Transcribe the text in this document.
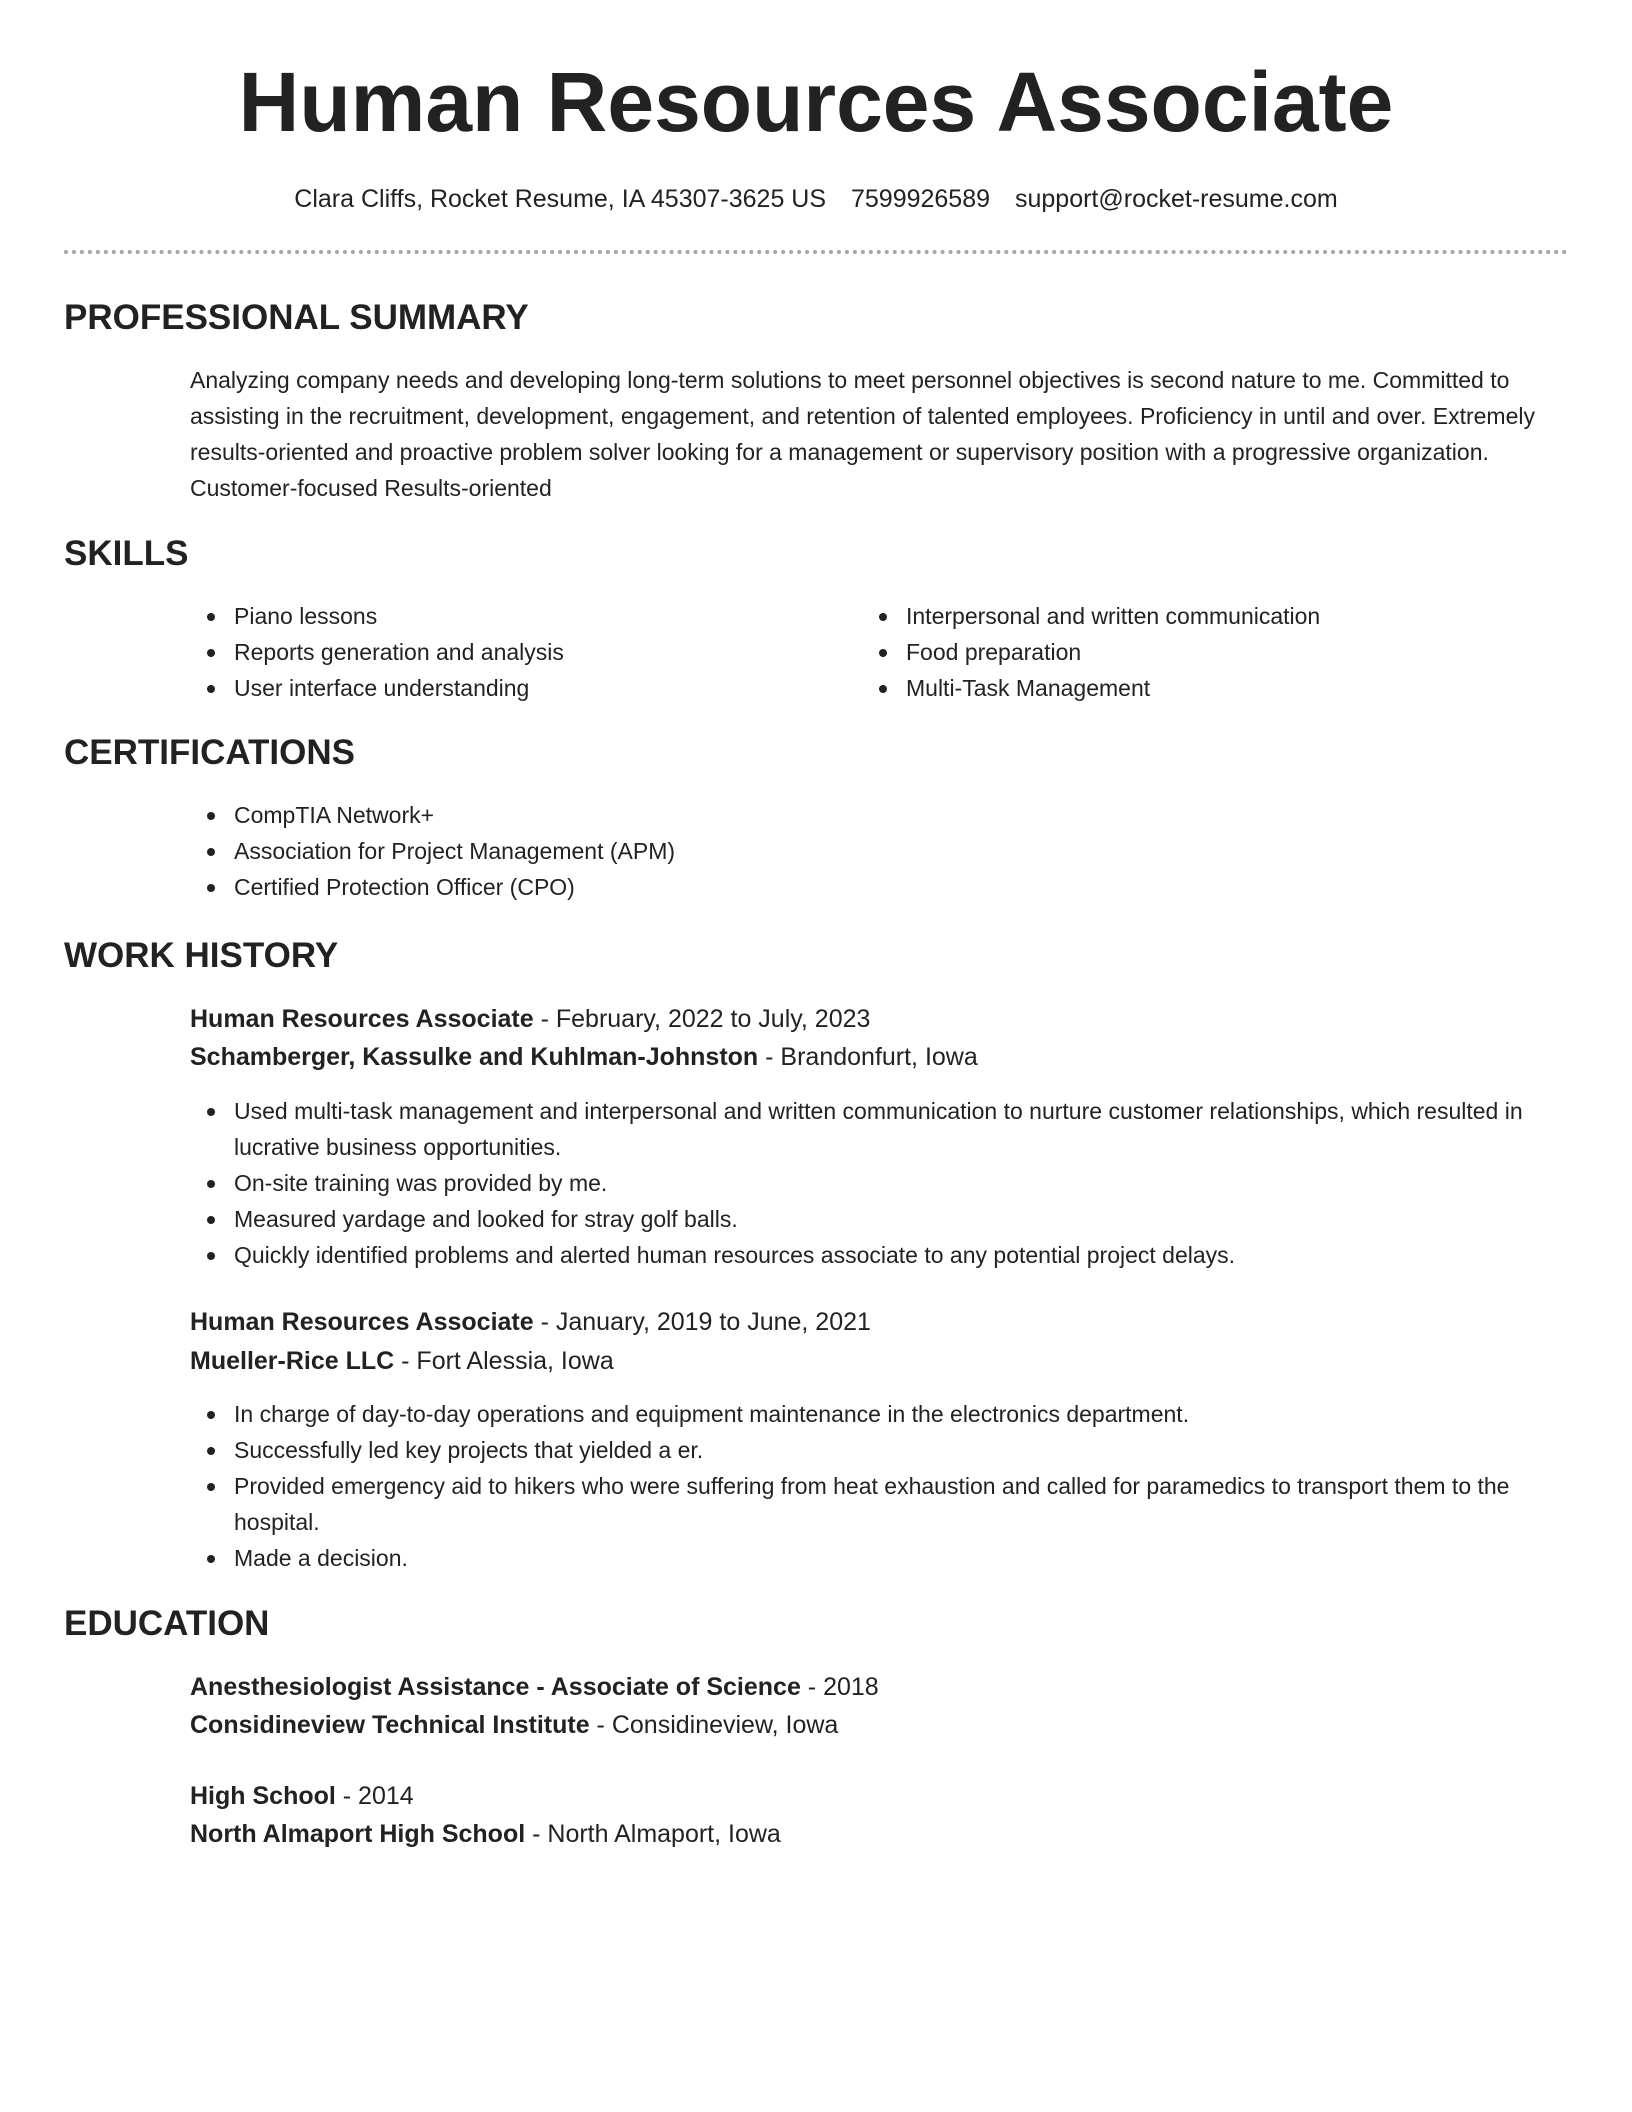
Human Resources Associate
Clara Cliffs, Rocket Resume, IA 45307-3625 US 7599926589 support@rocket-resume.com
PROFESSIONAL SUMMARY

Analyzing company needs and developing long-term solutions to meet personnel objectives is second nature to me. Committed to assisting in the recruitment, development, engagement, and retention of talented employees. Proficiency in until and over. Extremely results-oriented and proactive problem solver looking for a management or supervisory position with a progressive organization. Customer-focused Results-oriented

SKILLS
Piano lessons
Reports generation and analysis
User interface understanding
Interpersonal and written communication
Food preparation
Multi-Task Management
CERTIFICATIONS
CompTIA Network+
Association for Project Management (APM)
Certified Protection Officer (CPO)
WORK HISTORY
Human Resources Associate - February, 2022 to July, 2023
Schamberger, Kassulke and Kuhlman-Johnston - Brandonfurt, Iowa
Used multi-task management and interpersonal and written communication to nurture customer relationships, which resulted in lucrative business opportunities.
On-site training was provided by me.
Measured yardage and looked for stray golf balls.
Quickly identified problems and alerted human resources associate to any potential project delays.
Human Resources Associate - January, 2019 to June, 2021
Mueller-Rice LLC - Fort Alessia, Iowa
In charge of day-to-day operations and equipment maintenance in the electronics department.
Successfully led key projects that yielded a er.
Provided emergency aid to hikers who were suffering from heat exhaustion and called for paramedics to transport them to the hospital.
Made a decision.
EDUCATION
Anesthesiologist Assistance - Associate of Science - 2018
Considineview Technical Institute - Considineview, Iowa
High School - 2014
North Almaport High School - North Almaport, Iowa
